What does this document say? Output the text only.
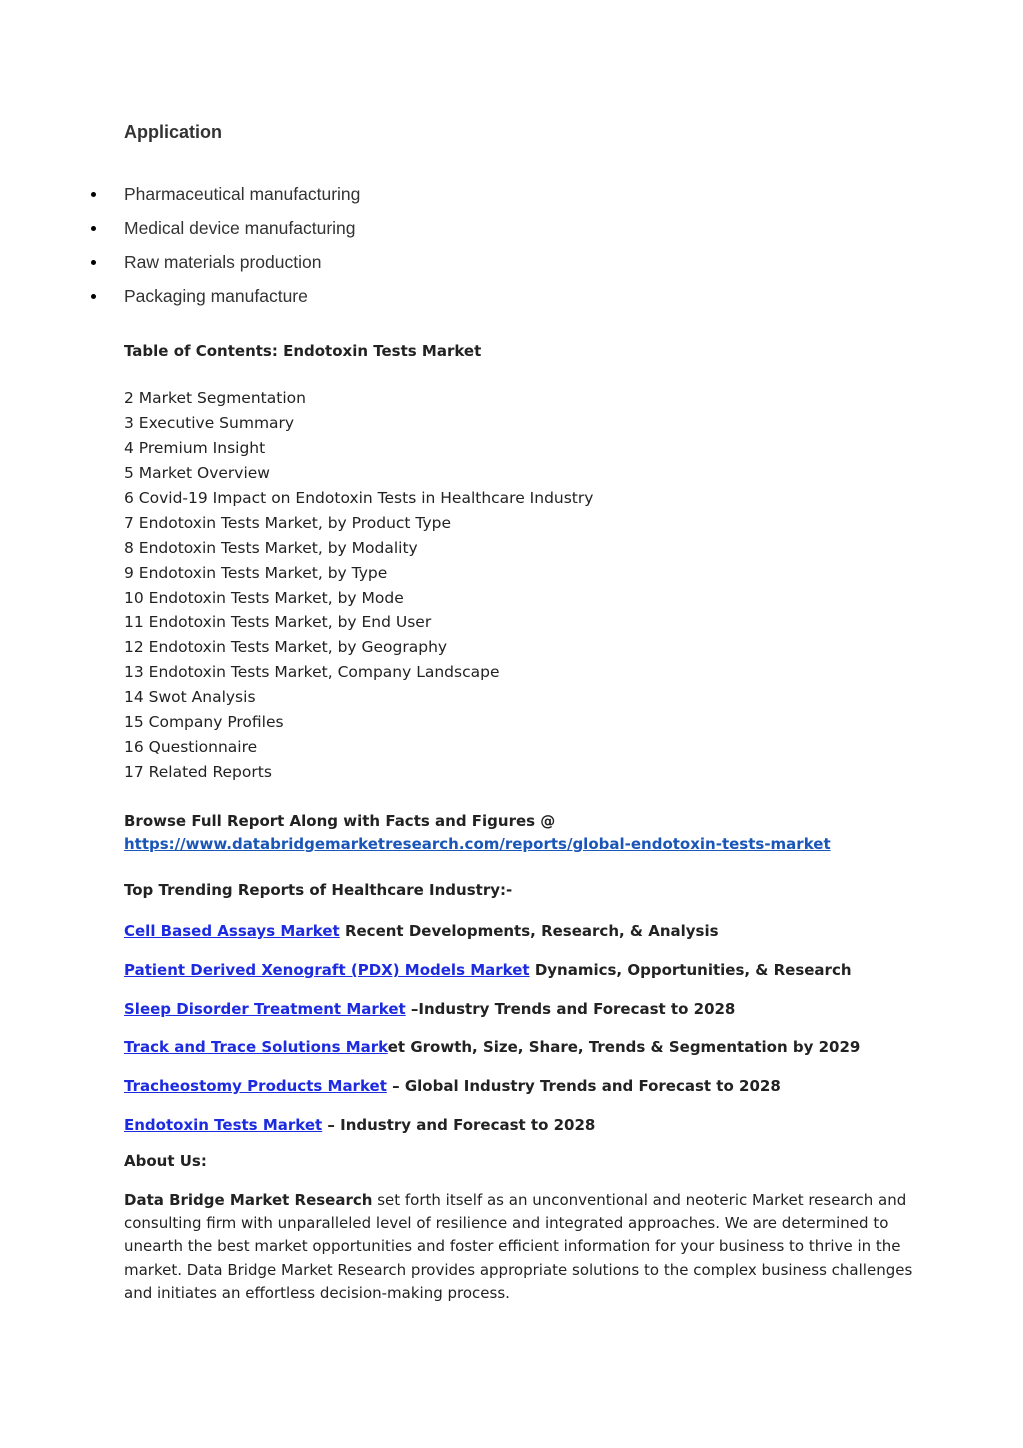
Application
Pharmaceutical manufacturing
Medical device manufacturing
Raw materials production
Packaging manufacture
Table of Contents: Endotoxin Tests Market
2 Market Segmentation
3 Executive Summary
4 Premium Insight
5 Market Overview
6 Covid-19 Impact on Endotoxin Tests in Healthcare Industry
7 Endotoxin Tests Market, by Product Type
8 Endotoxin Tests Market, by Modality
9 Endotoxin Tests Market, by Type
10 Endotoxin Tests Market, by Mode
11 Endotoxin Tests Market, by End User
12 Endotoxin Tests Market, by Geography
13 Endotoxin Tests Market, Company Landscape
14 Swot Analysis
15 Company Profiles
16 Questionnaire
17 Related Reports
Browse Full Report Along with Facts and Figures @
https://www.databridgemarketresearch.com/reports/global-endotoxin-tests-market
Top Trending Reports of Healthcare Industry:-
Cell Based Assays Market Recent Developments, Research, & Analysis
Patient Derived Xenograft (PDX) Models Market Dynamics, Opportunities, & Research
Sleep Disorder Treatment Market –Industry Trends and Forecast to 2028
Track and Trace Solutions Market Growth, Size, Share, Trends & Segmentation by 2029
Tracheostomy Products Market – Global Industry Trends and Forecast to 2028
Endotoxin Tests Market – Industry and Forecast to 2028
About Us:

Data Bridge Market Research set forth itself as an unconventional and neoteric Market research and consulting firm with unparalleled level of resilience and integrated approaches. We are determined to unearth the best market opportunities and foster efficient information for your business to thrive in the market. Data Bridge Market Research provides appropriate solutions to the complex business challenges and initiates an effortless decision-making process.
